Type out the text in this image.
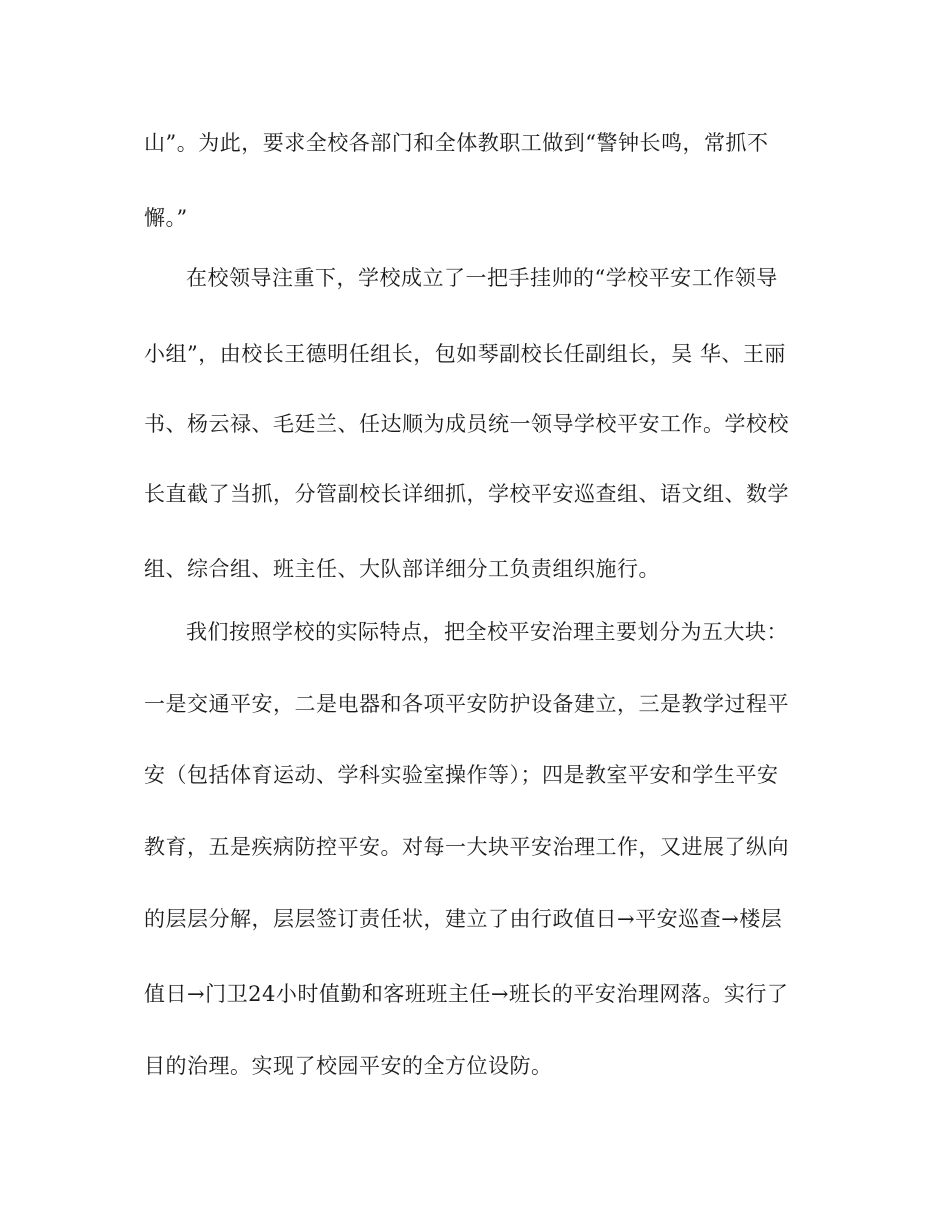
山”。为此，要求全校各部门和全体教职工做到“警钟长鸣，常抓不
懈。”
在校领导注重下，学校成立了一把手挂帅的“学校平安工作领导
小组”，由校长王德明任组长，包如琴副校长任副组长，吴 华、王丽
书、杨云禄、毛廷兰、任达顺为成员统一领导学校平安工作。学校校
长直截了当抓，分管副校长详细抓，学校平安巡查组、语文组、数学
组、综合组、班主任、大队部详细分工负责组织施行。
我们按照学校的实际特点，把全校平安治理主要划分为五大块：
一是交通平安，二是电器和各项平安防护设备建立，三是教学过程平
安（包括体育运动、学科实验室操作等）；四是教室平安和学生平安
教育，五是疾病防控平安。对每一大块平安治理工作，又进展了纵向
的层层分解，层层签订责任状，建立了由行政值日→平安巡查→楼层
值日→门卫24小时值勤和客班班主任→班长的平安治理网落。实行了
目的治理。实现了校园平安的全方位设防。
